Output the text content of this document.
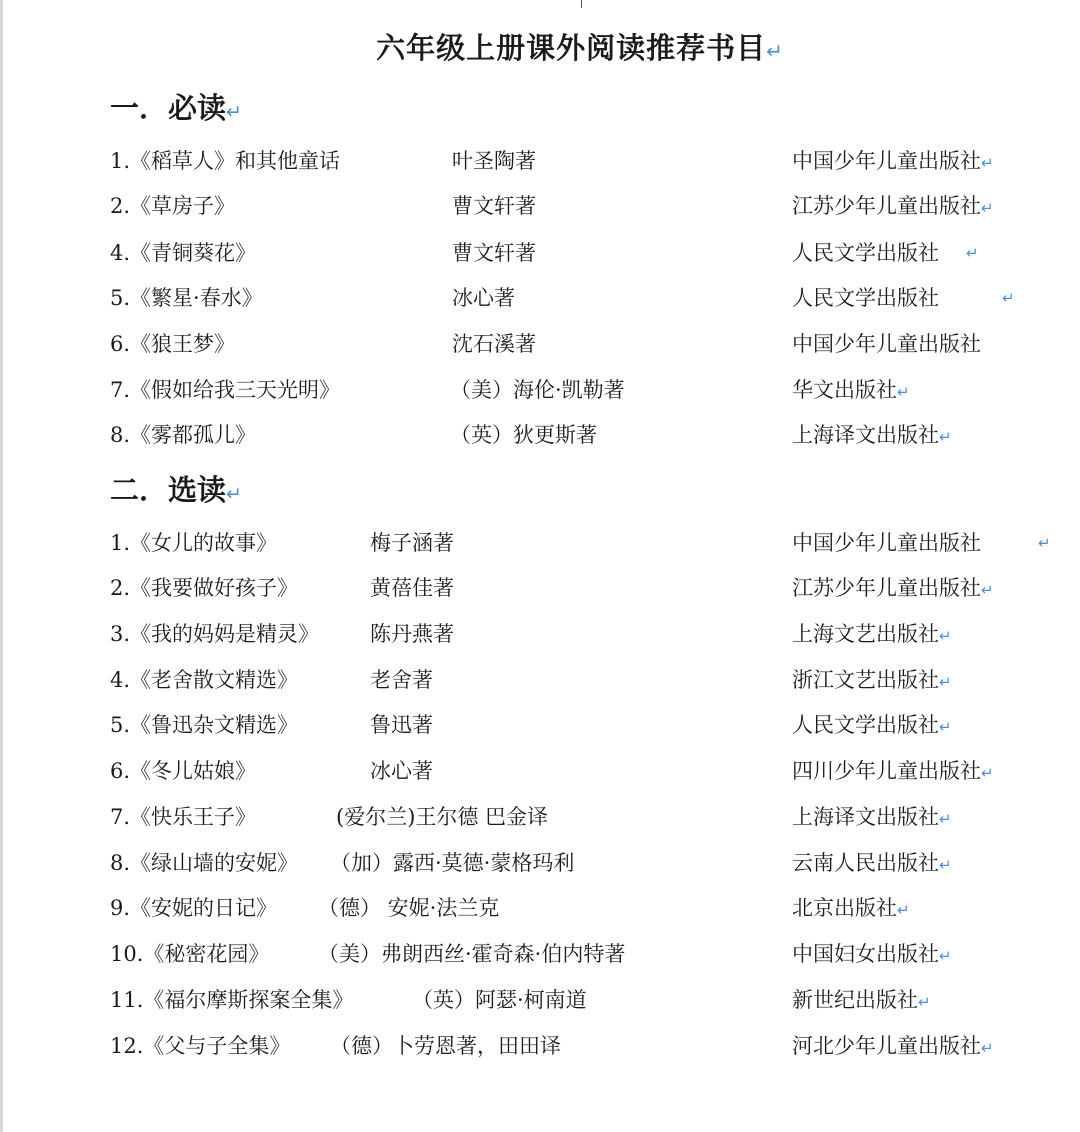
六年级上册课外阅读推荐书目↵
一．必读↵
1.《稻草人》和其他童话	叶圣陶著	中国少年儿童出版社↵
2.《草房子》	曹文轩著	江苏少年儿童出版社↵
4.《青铜葵花》	曹文轩著	人民文学出版社 ↵
5.《繁星·春水》	冰心著	人民文学出版社	↵
6.《狼王梦》	沈石溪著	中国少年儿童出版社
7.《假如给我三天光明》	（美）海伦·凯勒著	华文出版社↵
8.《雾都孤儿》	（英）狄更斯著	上海译文出版社↵
二．选读↵
1.《女儿的故事》	梅子涵著	中国少年儿童出版社	↵
2.《我要做好孩子》	黄蓓佳著	江苏少年儿童出版社↵
3.《我的妈妈是精灵》 陈丹燕著	上海文艺出版社↵
4.《老舍散文精选》	老舍著	浙江文艺出版社↵
5.《鲁迅杂文精选》	鲁迅著	人民文学出版社↵
6.《冬儿姑娘》	冰心著	四川少年儿童出版社↵
7.《快乐王子》	(爱尔兰)王尔德 巴金译	上海译文出版社↵
8.《绿山墙的安妮》 （加）露西·莫德·蒙格玛利	云南人民出版社↵
9.《安妮的日记》 （德） 安妮·法兰克	北京出版社↵
10.《秘密花园》 （美）弗朗西丝·霍奇森·伯内特著	中国妇女出版社↵
11.《福尔摩斯探案全集》	（英）阿瑟·柯南道	新世纪出版社↵
12.《父与子全集》 （德）卜劳恩著，田田译	河北少年儿童出版社↵
